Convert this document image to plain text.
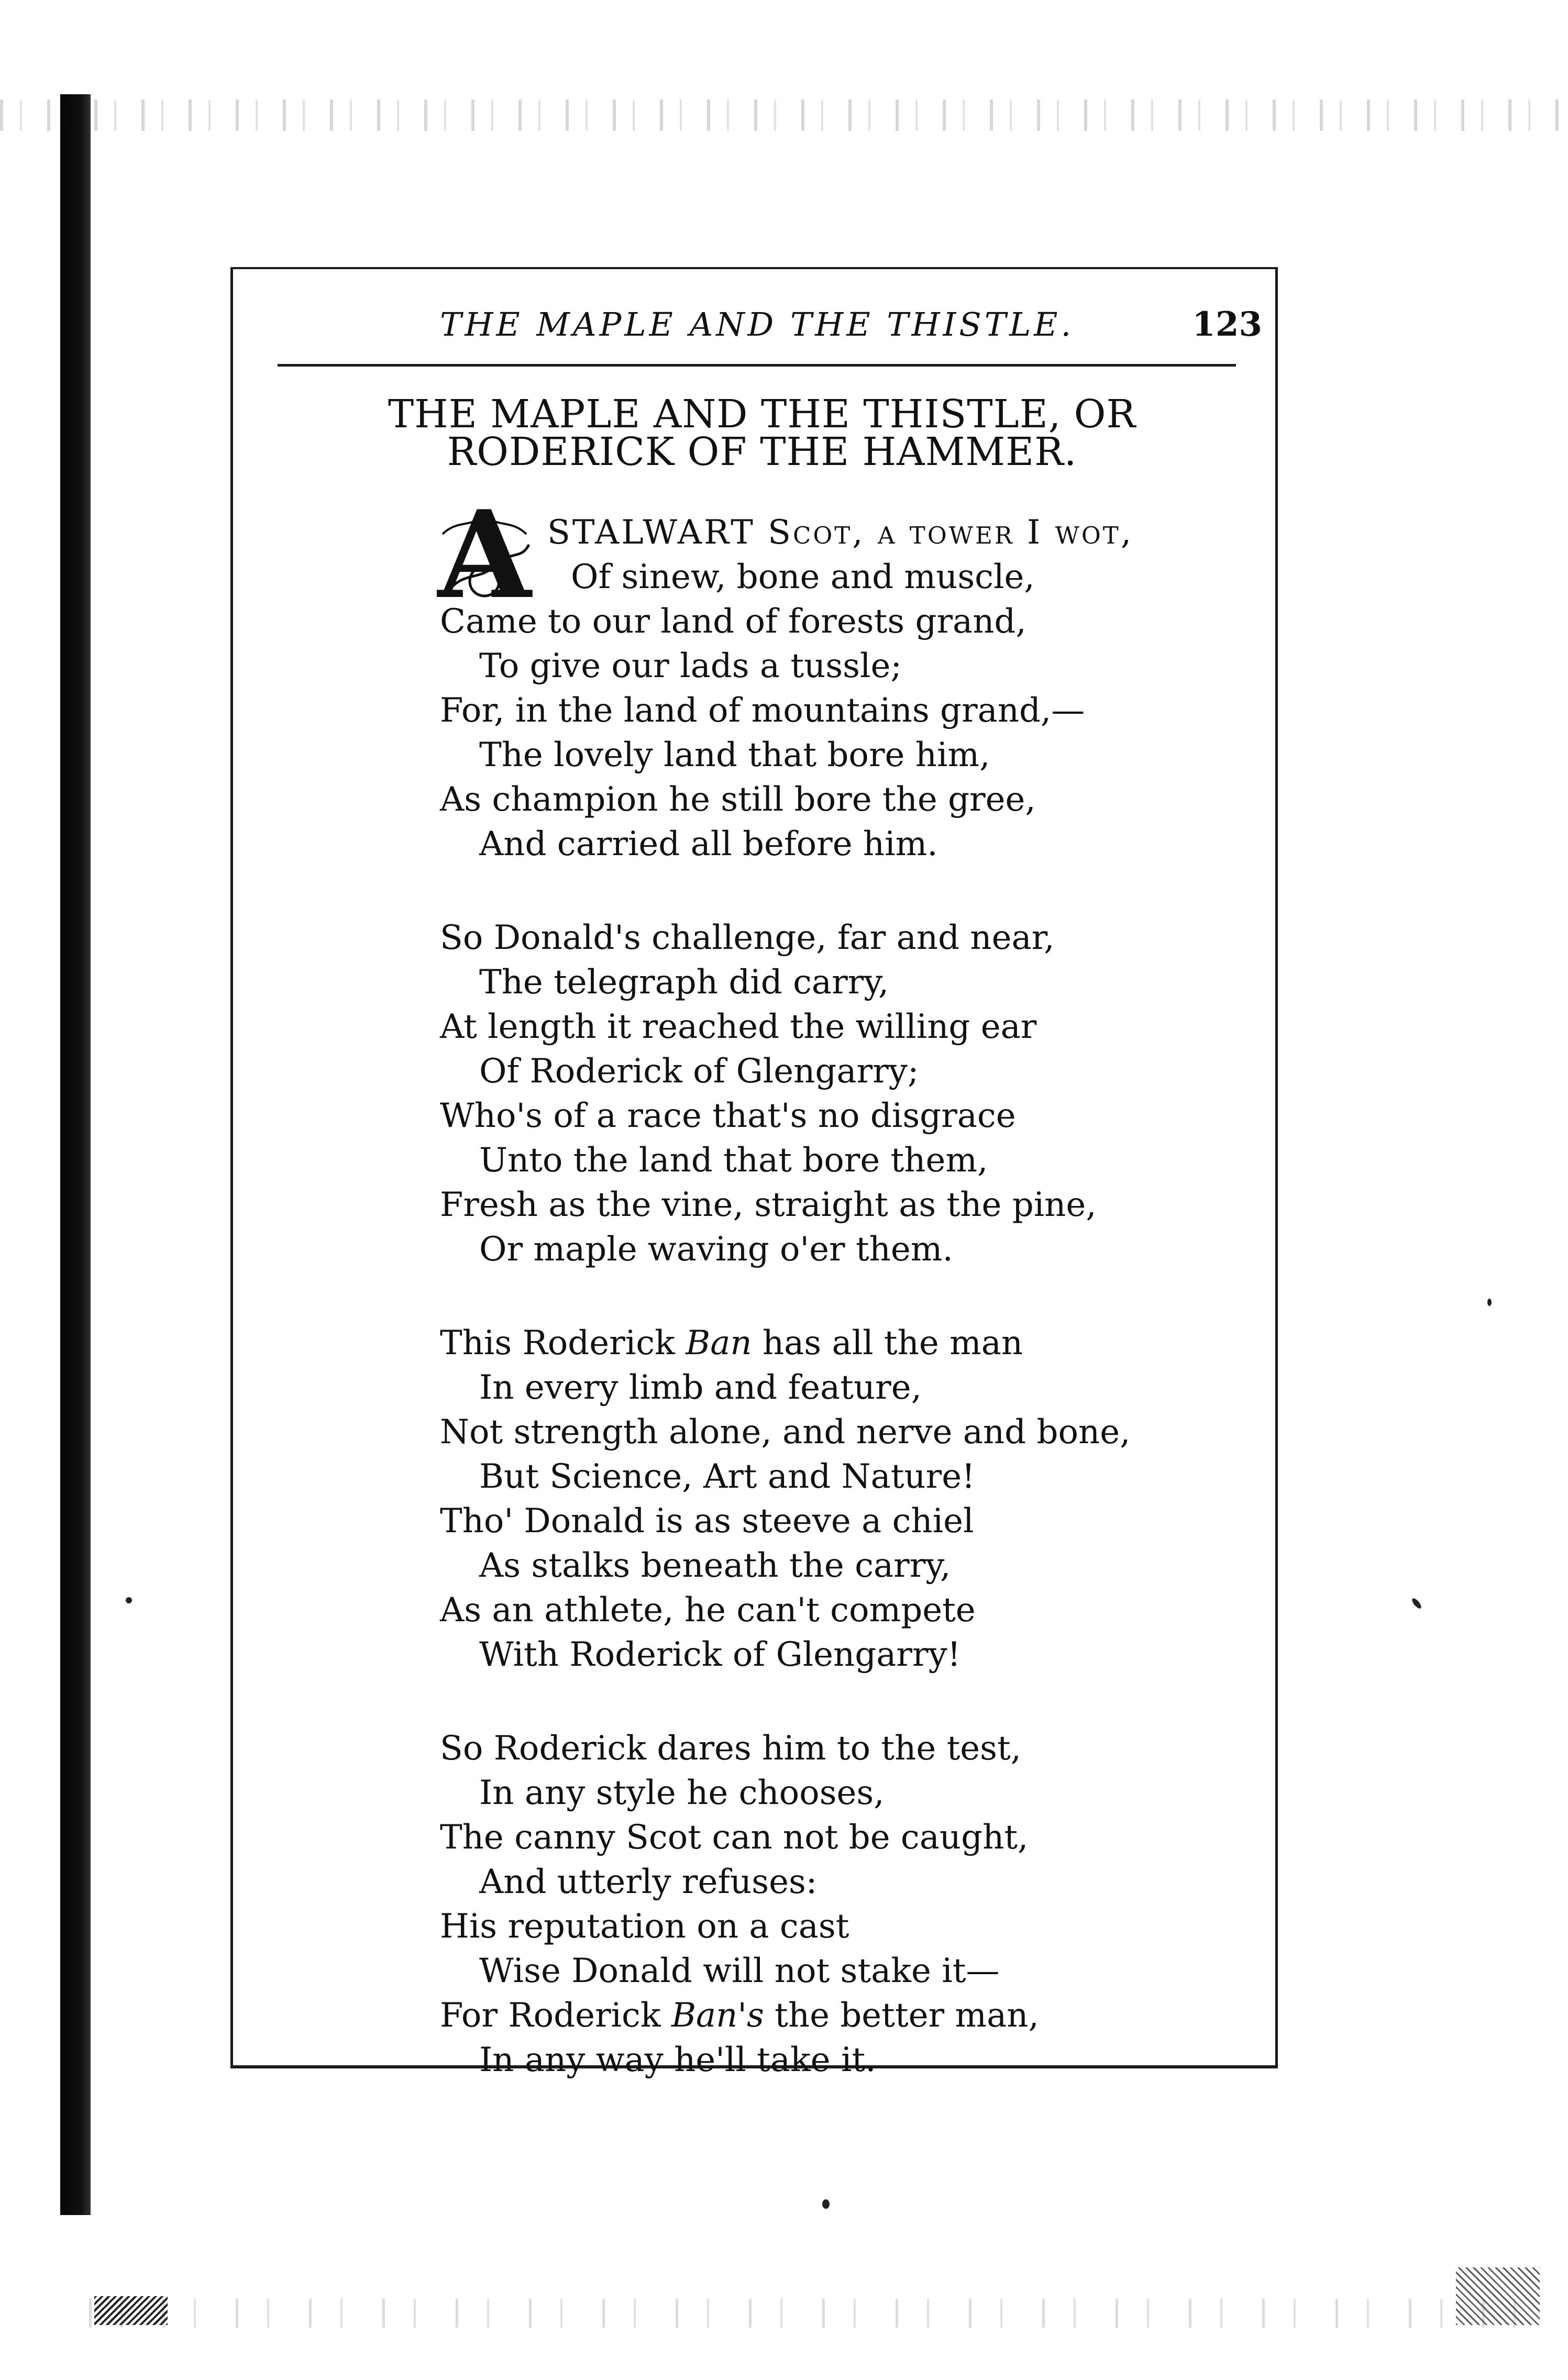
THE MAPLE AND THE THISTLE.	123
THE MAPLE AND THE THISTLE, OR RODERICK OF THE HAMMER.
A STALWART Scot, a tower I wot,
Of sinew, bone and muscle,
Came to our land of forests grand,
To give our lads a tussle;
For, in the land of mountains grand,—
The lovely land that bore him,
As champion he still bore the gree,
And carried all before him.
So Donald's challenge, far and near,
The telegraph did carry,
At length it reached the willing ear
Of Roderick of Glengarry;
Who's of a race that's no disgrace
Unto the land that bore them,
Fresh as the vine, straight as the pine,
Or maple waving o'er them.
This Roderick Ban has all the man
In every limb and feature,
Not strength alone, and nerve and bone,
But Science, Art and Nature!
Tho' Donald is as steeve a chiel
As stalks beneath the carry,
As an athlete, he can't compete
With Roderick of Glengarry!
So Roderick dares him to the test,
In any style he chooses,
The canny Scot can not be caught,
And utterly refuses:
His reputation on a cast
Wise Donald will not stake it—
For Roderick Ban's the better man,
In any way he'll take it.
